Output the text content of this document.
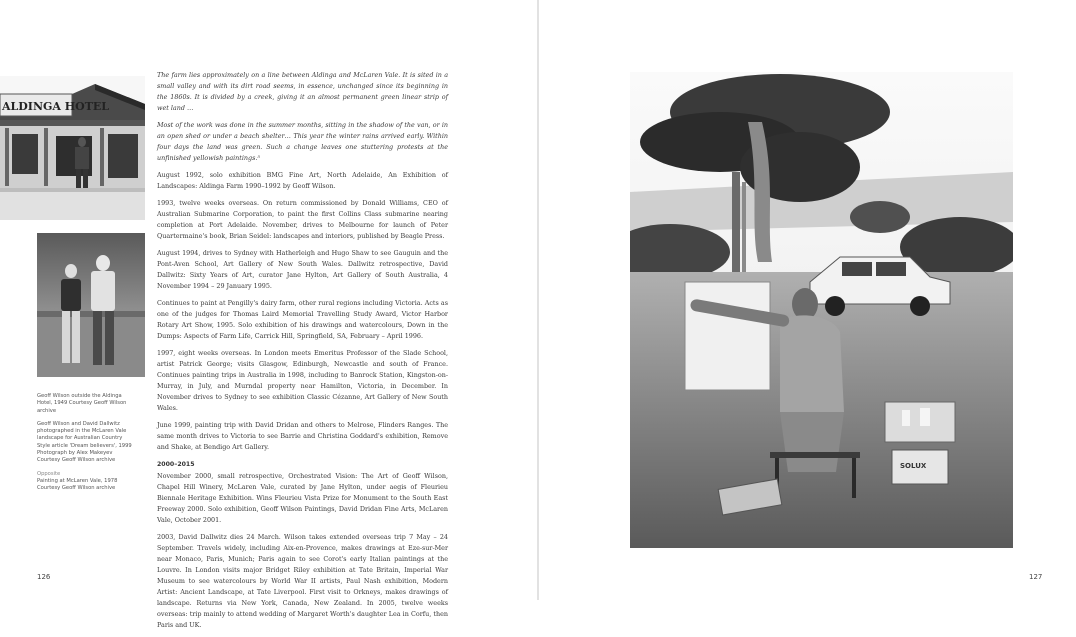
ALDINGA HOTEL

Geoff Wilson outside the Aldinga Hotel, 1949 Courtesy Geoff Wilson archive

Geoff Wilson and David Dallwitz photographed in the McLaren Vale landscape for Australian Country Style article 'Dream believers', 1999 Photograph by Alex Makeyev Courtesy Geoff Wilson archive

Opposite

Painting at McLaren Vale, 1978 Courtesy Geoff Wilson archive

The farm lies approximately on a line between Aldinga and McLaren Vale. It is sited in a small valley and with its dirt road seems, in essence, unchanged since its beginning in the 1860s. It is divided by a creek, giving it an almost permanent green linear strip of wet land …

Most of the work was done in the summer months, sitting in the shadow of the van, or in an open shed or under a beach shelter… This year the winter rains arrived early. Within four days the land was green. Such a change leaves one stuttering protests at the unfinished yellowish paintings.⁵

August 1992, solo exhibition BMG Fine Art, North Adelaide, An Exhibition of Landscapes: Aldinga Farm 1990–1992 by Geoff Wilson.

1993, twelve weeks overseas. On return commissioned by Donald Williams, CEO of Australian Submarine Corporation, to paint the first Collins Class submarine nearing completion at Port Adelaide. November, drives to Melbourne for launch of Peter Quartermaine's book, Brian Seidel: landscapes and interiors, published by Beagle Press.

August 1994, drives to Sydney with Hatherleigh and Hugo Shaw to see Gauguin and the Pont-Aven School, Art Gallery of New South Wales. Dallwitz retrospective, David Dallwitz: Sixty Years of Art, curator Jane Hylton, Art Gallery of South Australia, 4 November 1994 – 29 January 1995.

Continues to paint at Pengilly's dairy farm, other rural regions including Victoria. Acts as one of the judges for Thomas Laird Memorial Travelling Study Award, Victor Harbor Rotary Art Show, 1995. Solo exhibition of his drawings and watercolours, Down in the Dumps: Aspects of Farm Life, Carrick Hill, Springfield, SA, February – April 1996.

1997, eight weeks overseas. In London meets Emeritus Professor of the Slade School, artist Patrick George; visits Glasgow, Edinburgh, Newcastle and south of France. Continues painting trips in Australia in 1998, including to Banrock Station, Kingston-on-Murray, in July, and Murndal property near Hamilton, Victoria, in December. In November drives to Sydney to see exhibition Classic Cézanne, Art Gallery of New South Wales.

June 1999, painting trip with David Dridan and others to Melrose, Flinders Ranges. The same month drives to Victoria to see Barrie and Christina Goddard's exhibition, Remove and Shake, at Bendigo Art Gallery.

2000–2015

November 2000, small retrospective, Orchestrated Vision: The Art of Geoff Wilson, Chapel Hill Winery, McLaren Vale, curated by Jane Hylton, under aegis of Fleurieu Biennale Heritage Exhibition. Wins Fleurieu Vista Prize for Monument to the South East Freeway 2000. Solo exhibition, Geoff Wilson Paintings, David Dridan Fine Arts, McLaren Vale, October 2001.

2003, David Dallwitz dies 24 March. Wilson takes extended overseas trip 7 May – 24 September. Travels widely, including Aix-en-Provence, makes drawings at Eze-sur-Mer near Monaco, Paris, Munich; Paris again to see Corot's early Italian paintings at the Louvre. In London visits major Bridget Riley exhibition at Tate Britain, Imperial War Museum to see watercolours by World War II artists, Paul Nash exhibition, Modern Artist: Ancient Landscape, at Tate Liverpool. First visit to Orkneys, makes drawings of landscape. Returns via New York, Canada, New Zealand. In 2005, twelve weeks overseas: trip mainly to attend wedding of Margaret Worth's daughter Lea in Corfu, then Paris and UK.

126
SOLUX
127
